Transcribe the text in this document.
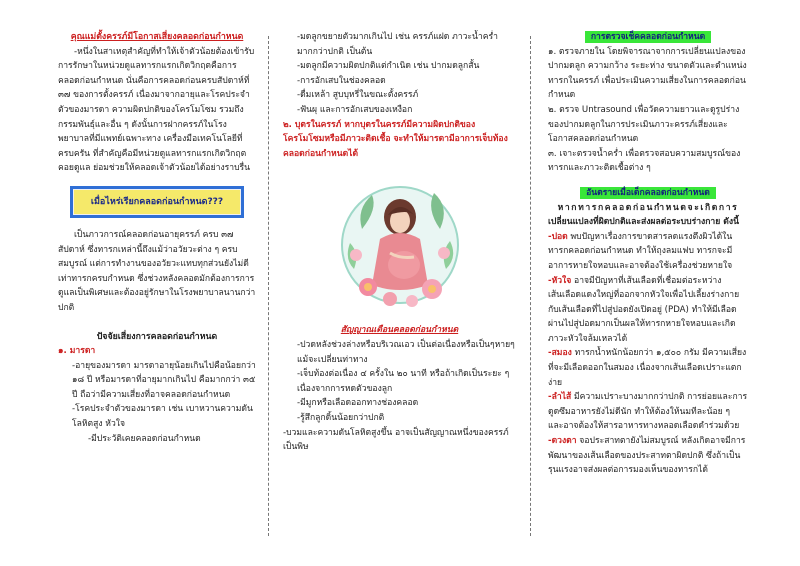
คุณแม่ตั้งครรภ์มีโอกาสเสี่ยงคลอดก่อนกำหนด

-หนึ่งในสาเหตุสำคัญที่ทำให้เจ้าตัวน้อยต้องเข้ารับการรักษาในหน่วยดูแลทารกแรกเกิดวิกฤตคือการคลอดก่อนกำหนด นั่นคือการคลอดก่อนครบสัปดาห์ที่ ๓๗ ของการตั้งครรภ์ เนื่องมาจากอายุและโรคประจำตัวของมารดา ความผิดปกติของโครโมโซม รวมถึงกรรมพันธุ์และอื่น ๆ ดังนั้นการฝากครรภ์ในโรงพยาบาลที่มีแพทย์เฉพาะทาง เครื่องมือเทคโนโลยีที่ครบครัน ที่สำคัญคือมีหน่วยดูแลทารกแรกเกิดวิกฤตคอยดูแล ย่อมช่วยให้คลอดเจ้าตัวน้อยได้อย่างราบรื่น

เมื่อไหร่เรียกคลอดก่อนกำหนด???

เป็นภาวการณ์คลอดก่อนอายุครรภ์ ครบ ๓๗ สัปดาห์ ซึ่งทารกเหล่านี้ถึงแม้ว่าอวัยวะต่าง ๆ ครบสมบูรณ์ แต่การทำงานของอวัยวะแทบทุกส่วนยังไม่ดีเท่าทารกครบกำหนด ซึ่งช่วงหลังคลอดมักต้องการการดูแลเป็นพิเศษและต้องอยู่รักษาในโรงพยาบาลนานกว่าปกติ

ปัจจัยเสี่ยงการคลอดก่อนกำหนด

๑. มารดา

-อายุของมารดา มารดาอายุน้อยเกินไปคือน้อยกว่า ๑๘ ปี หรือมารดาที่อายุมากเกินไป คือมากกว่า ๓๕ ปี ถือว่ามีความเสี่ยงที่อาจคลอดก่อนกำหนด

-โรคประจำตัวของมารดา เช่น เบาหวานความดันโลหิตสูง หัวใจ

-มีประวัติเคยคลอดก่อนกำหนด

-มดลูกขยายตัวมากเกินไป เช่น ครรภ์แฝด ภาวะน้ำคร่ำมากกว่าปกติ เป็นต้น

-มดลูกมีความผิดปกติแต่กำเนิด เช่น ปากมดลูกสั้น

-การอักเสบในช่องคลอด

-ดื่มเหล้า สูบบุหรี่ในขณะตั้งครรภ์

-ฟันผุ และการอักเสบของเหงือก

๒. บุตรในครรภ์ หากบุตรในครรภ์มีความผิดปกติของโครโมโซมหรือมีภาวะติดเชื้อ จะทำให้มารดามีอาการเจ็บท้องคลอดก่อนกำหนดได้

สัญญาณเตือนคลอดก่อนกำหนด

-ปวดหลังช่วงล่างหรือบริเวณเอว เป็นต่อเนื่องหรือเป็นๆหายๆ แม้จะเปลี่ยนท่าทาง

-เจ็บท้องต่อเนื่อง ๔ ครั้งใน ๒๐ นาที หรือถ้าเกิดเป็นระยะ ๆ เนื่องจากการหดตัวของลูก

-มีมูกหรือเลือดออกทางช่องคลอด

-รู้สึกลูกดิ้นน้อยกว่าปกติ

-บวมและความดันโลหิตสูงขึ้น อาจเป็นสัญญาณหนึ่งของครรภ์เป็นพิษ

การตรวจเช็คคลอดก่อนกำหนด

๑. ตรวจภายใน โดยพิจารณาจากการเปลี่ยนแปลงของปากมดลูก ความกว้าง ระยะห่าง ขนาดตัวและตำแหน่งทารกในครรภ์ เพื่อประเมินความเสี่ยงในการคลอดก่อนกำหนด

๒. ตรวจ Untrasound เพื่อวัดความยาวและดูรูปร่างของปากมดลูกในการประเมินภาวะครรภ์เสี่ยงและโอกาสคลอดก่อนกำหนด

๓. เจาะตรวจน้ำคร่ำ เพื่อตรวจสอบความสมบูรณ์ของทารกและภาวะติดเชื้อต่าง ๆ

อันตรายเมื่อเด็กคลอดก่อนกำหนด

หากทารกคลอดก่อนกำหนดจะเกิดการ

เปลี่ยนแปลงที่ผิดปกติและส่งผลต่อระบบร่างกาย ดังนี้

-ปอด พบปัญหาเรื่องการขาดสารลดแรงตึงผิวได้ในทารกคลอดก่อนกำหนด ทำให้ถุงลมแฟบ ทารกจะมีอาการหายใจหอบและอาจต้องใช้เครื่องช่วยหายใจ

-หัวใจ อาจมีปัญหาที่เส้นเลือดที่เชื่อมต่อระหว่างเส้นเลือดแดงใหญ่ที่ออกจากหัวใจเพื่อไปเลี้ยงร่างกายกับเส้นเลือดที่ไปสู่ปอดยังเปิดอยู่ (PDA) ทำให้มีเลือดผ่านไปสู่ปอดมากเป็นผลให้ทารกหายใจหอบและเกิดภาวะหัวใจล้มเหลวได้

-สมอง ทารกน้ำหนักน้อยกว่า ๑,๕๐๐ กรัม มีความเสี่ยงที่จะมีเลือดออกในสมอง เนื่องจากเส้นเลือดเปราะแตกง่าย

-ลำไส้ มีความเปราะบางมากกว่าปกติ การย่อยและการดูดซึมอาหารยังไม่ดีนัก ทำให้ต้องให้นมทีละน้อย ๆ และอาจต้องให้สารอาหารทางหลอดเลือดดำร่วมด้วย

-ดวงตา จอประสาทตายังไม่สมบูรณ์ หลังเกิดอาจมีการพัฒนาของเส้นเลือดของประสาทตาผิดปกติ ซึ่งถ้าเป็นรุนแรงอาจส่งผลต่อการมองเห็นของทารกได้
